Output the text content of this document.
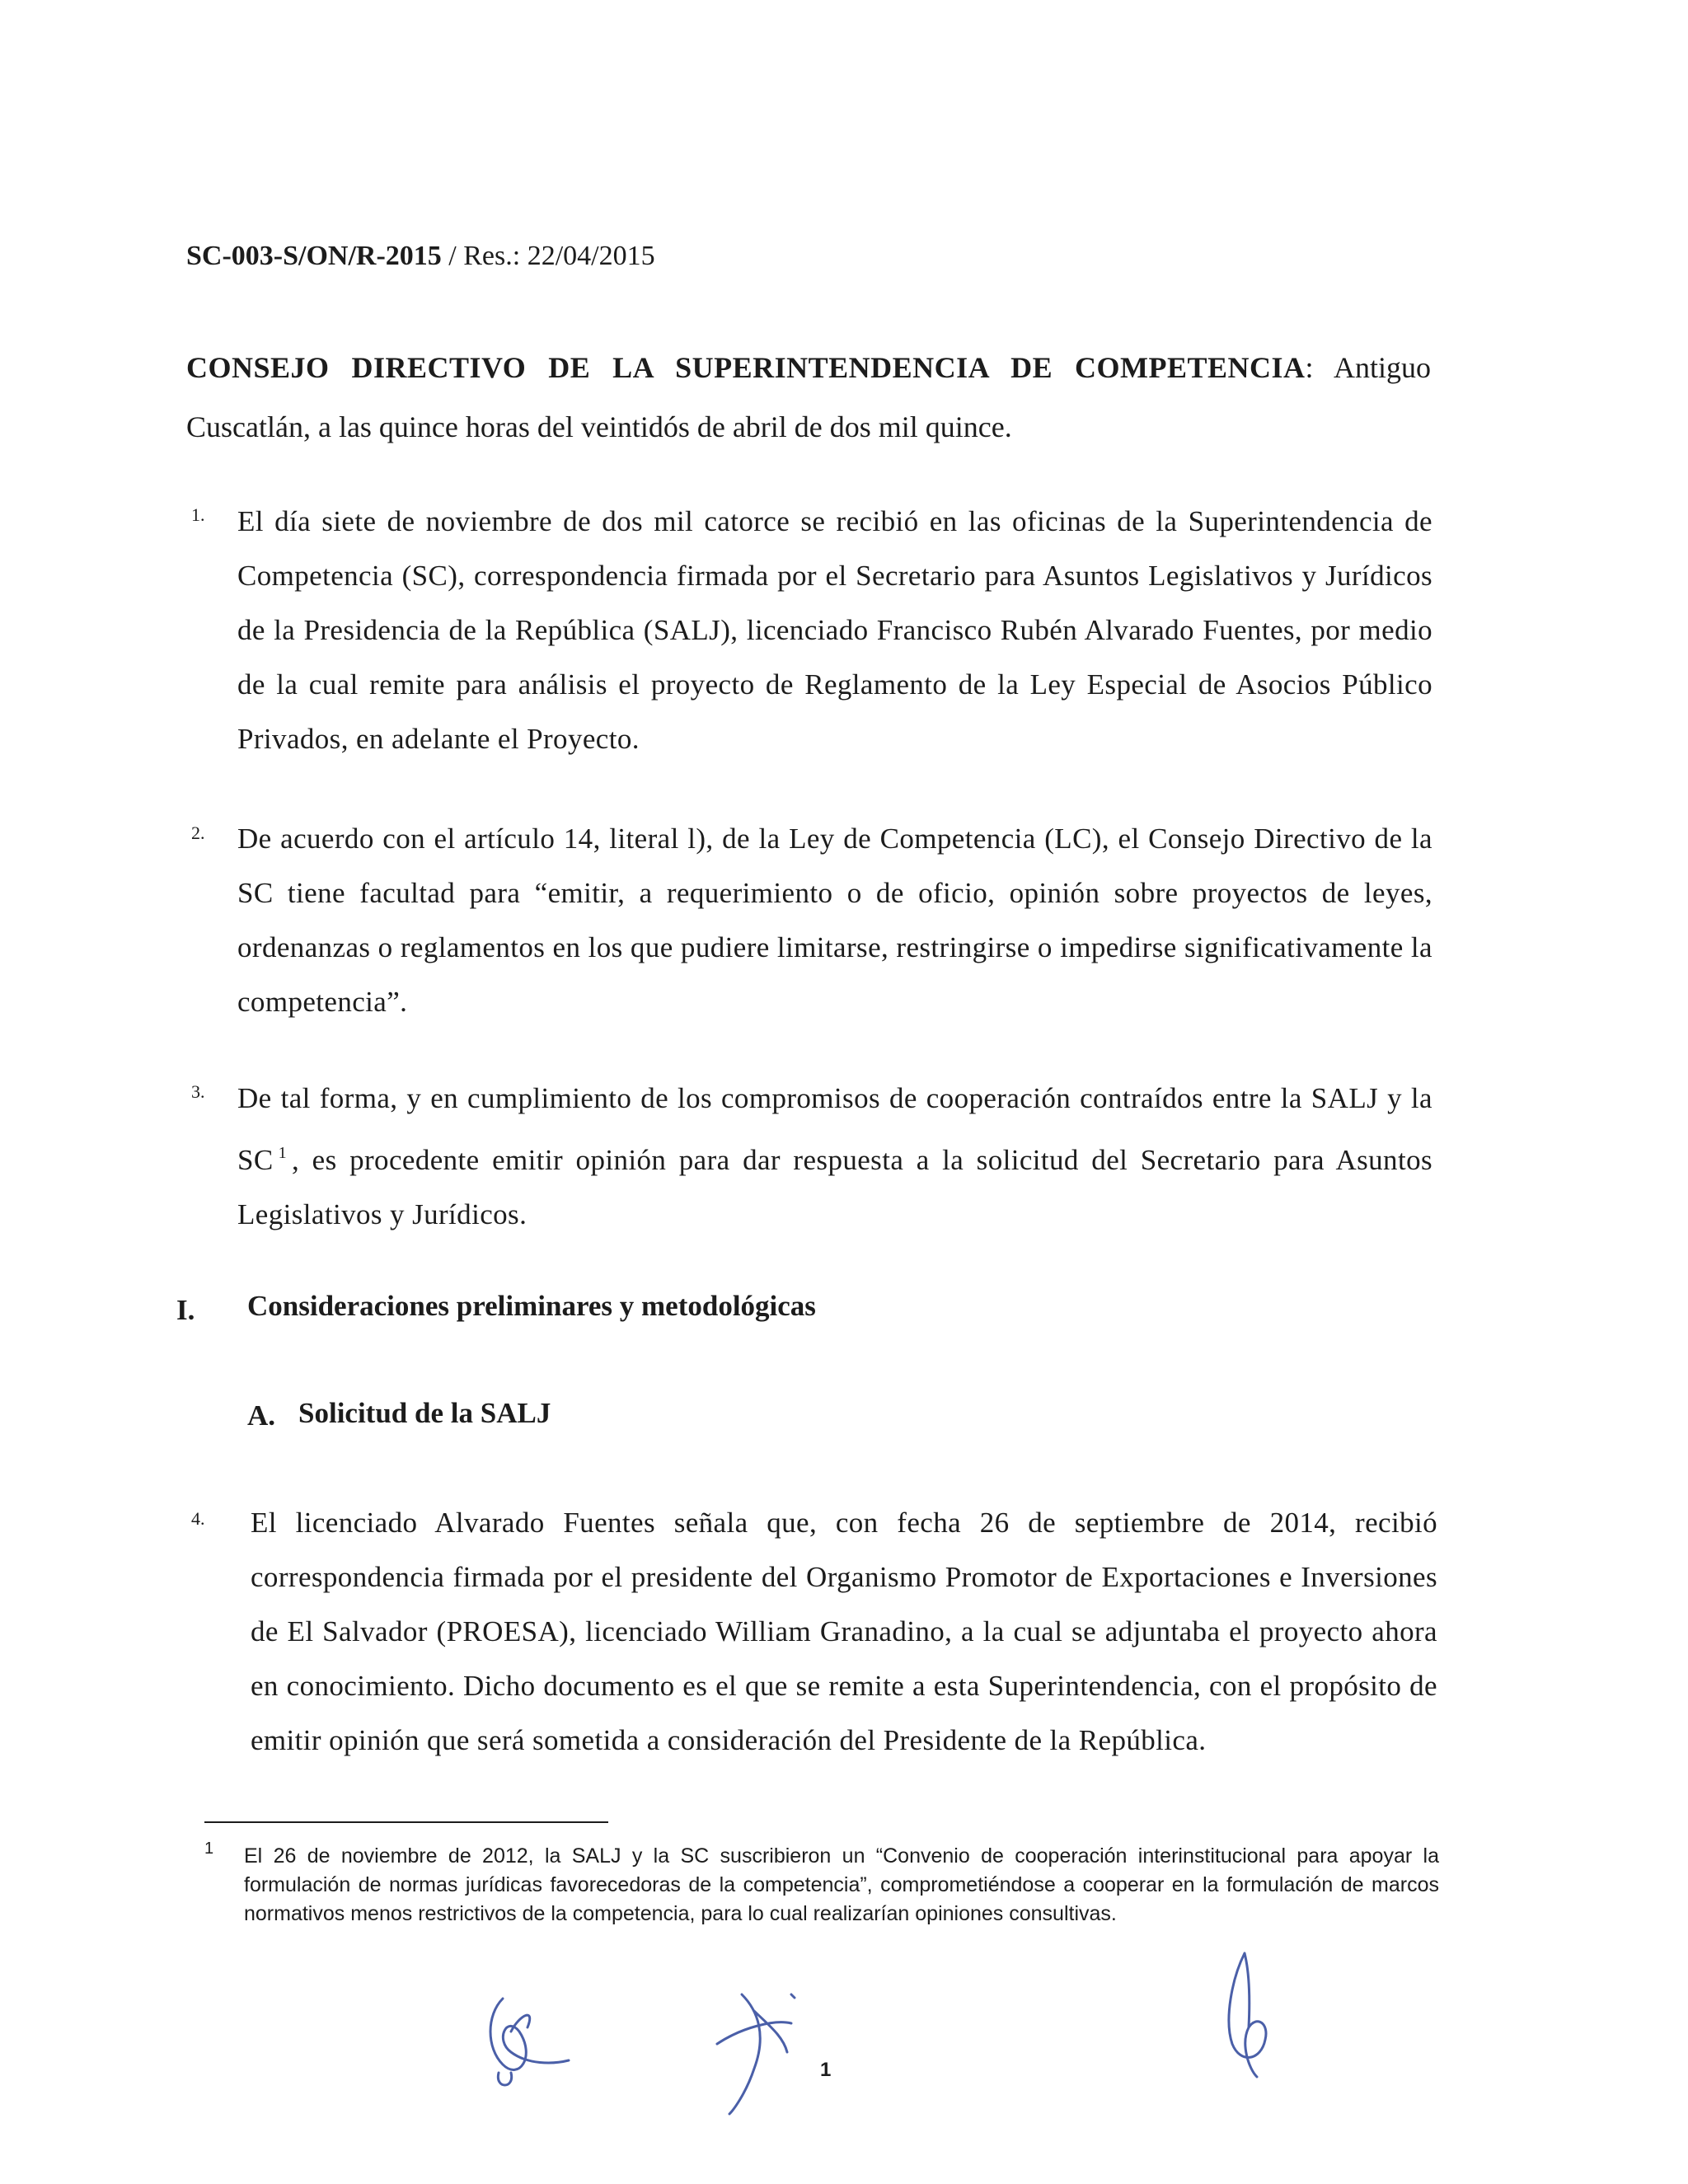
SC-003-S/ON/R-2015 / Res.: 22/04/2015
CONSEJO DIRECTIVO DE LA SUPERINTENDENCIA DE COMPETENCIA: Antiguo Cuscatlán, a las quince horas del veintidós de abril de dos mil quince.
1. El día siete de noviembre de dos mil catorce se recibió en las oficinas de la Superintendencia de Competencia (SC), correspondencia firmada por el Secretario para Asuntos Legislativos y Jurídicos de la Presidencia de la República (SALJ), licenciado Francisco Rubén Alvarado Fuentes, por medio de la cual remite para análisis el proyecto de Reglamento de la Ley Especial de Asocios Público Privados, en adelante el Proyecto.
2. De acuerdo con el artículo 14, literal l), de la Ley de Competencia (LC), el Consejo Directivo de la SC tiene facultad para “emitir, a requerimiento o de oficio, opinión sobre proyectos de leyes, ordenanzas o reglamentos en los que pudiere limitarse, restringirse o impedirse significativamente la competencia”.
3. De tal forma, y en cumplimiento de los compromisos de cooperación contraídos entre la SALJ y la SC $^1$ , es procedente emitir opinión para dar respuesta a la solicitud del Secretario para Asuntos Legislativos y Jurídicos.
I. Consideraciones preliminares y metodológicas
A. Solicitud de la SALJ
4. El licenciado Alvarado Fuentes señala que, con fecha 26 de septiembre de 2014, recibió correspondencia firmada por el presidente del Organismo Promotor de Exportaciones e Inversiones de El Salvador (PROESA), licenciado William Granadino, a la cual se adjuntaba el proyecto ahora en conocimiento. Dicho documento es el que se remite a esta Superintendencia, con el propósito de emitir opinión que será sometida a consideración del Presidente de la República.
1 El 26 de noviembre de 2012, la SALJ y la SC suscribieron un “Convenio de cooperación interinstitucional para apoyar la formulación de normas jurídicas favorecedoras de la competencia”, comprometiéndose a cooperar en la formulación de marcos normativos menos restrictivos de la competencia, para lo cual realizarían opiniones consultivas.
1
